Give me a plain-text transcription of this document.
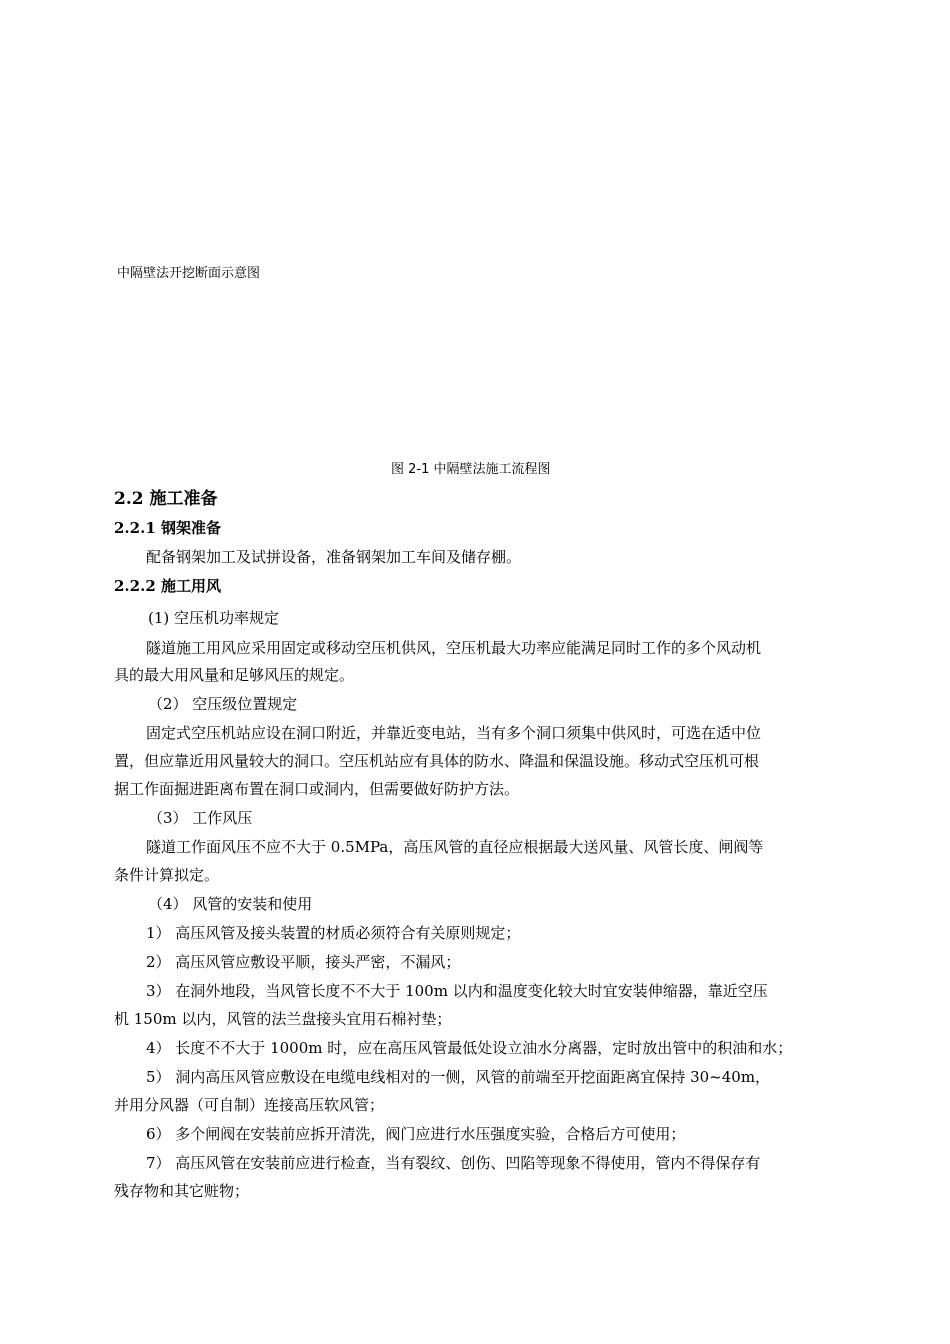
中隔壁法开挖断面示意图
图 2-1 中隔壁法施工流程图
2.2 施工准备
2.2.1 钢架准备
配备钢架加工及试拼设备，准备钢架加工车间及储存棚。
2.2.2 施工用风
(1) 空压机功率规定
隧道施工用风应采用固定或移动空压机供风，空压机最大功率应能满足同时工作的多个风动机
具的最大用风量和足够风压的规定。
（2） 空压级位置规定
固定式空压机站应设在洞口附近，并靠近变电站，当有多个洞口须集中供风时，可选在适中位
置，但应靠近用风量较大的洞口。空压机站应有具体的防水、降温和保温设施。移动式空压机可根
据工作面掘进距离布置在洞口或洞内，但需要做好防护方法。
（3） 工作风压
隧道工作面风压不应不大于 0.5MPa，高压风管的直径应根据最大送风量、风管长度、闸阀等
条件计算拟定。
（4） 风管的安装和使用
1） 高压风管及接头装置的材质必须符合有关原则规定；
2） 高压风管应敷设平顺，接头严密，不漏风；
3） 在洞外地段，当风管长度不不大于 100m 以内和温度变化较大时宜安装伸缩器，靠近空压
机 150m 以内，风管的法兰盘接头宜用石棉衬垫；
4） 长度不不大于 1000m 时，应在高压风管最低处设立油水分离器，定时放出管中的积油和水；
5） 洞内高压风管应敷设在电缆电线相对的一侧，风管的前端至开挖面距离宜保持 30~40m，
并用分风器（可自制）连接高压软风管；
6） 多个闸阀在安装前应拆开清洗，阀门应进行水压强度实验，合格后方可使用；
7） 高压风管在安装前应进行检查，当有裂纹、创伤、凹陷等现象不得使用，管内不得保存有
残存物和其它赃物；
